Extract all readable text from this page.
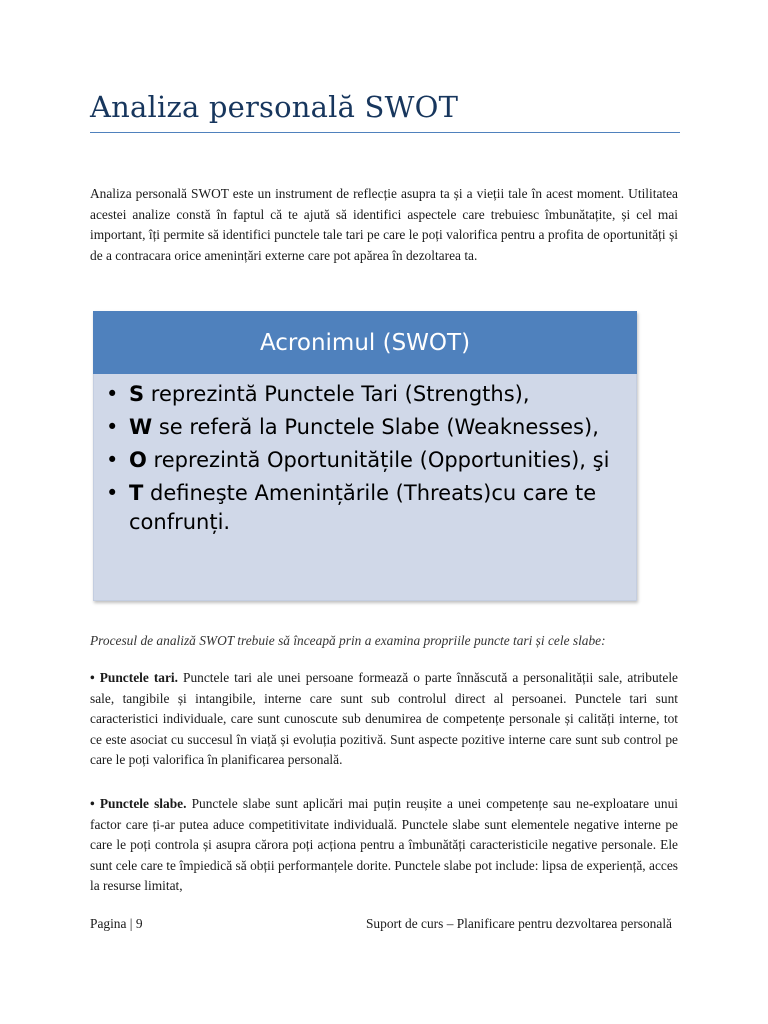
Analiza personală SWOT

Analiza personală SWOT este un instrument de reflecție asupra ta și a vieții tale în acest moment. Utilitatea acestei analize constă în faptul că te ajută să identifici aspectele care trebuiesc îmbunătațite, și cel mai important, îți permite să identifici punctele tale tari pe care le poți valorifica pentru a profita de oportunități și de a contracara orice amenințări externe care pot apărea în dezoltarea ta.

Acronimul (SWOT)
• S reprezintă Punctele Tari (Strengths),
• W se referă la Punctele Slabe (Weaknesses),
• O reprezintă Oportunitățile (Opportunities), şi
• T defineşte Amenințările (Threats)cu care te confrunți.

Procesul de analiză SWOT trebuie să înceapă prin a examina propriile puncte tari și cele slabe:

• Punctele tari. Punctele tari ale unei persoane formează o parte înnăscută a personalității sale, atributele sale, tangibile și intangibile, interne care sunt sub controlul direct al persoanei. Punctele tari sunt caracteristici individuale, care sunt cunoscute sub denumirea de competențe personale și calități interne, tot ce este asociat cu succesul în viață și evoluția pozitivă. Sunt aspecte pozitive interne care sunt sub control pe care le poți valorifica în planificarea personală.

• Punctele slabe. Punctele slabe sunt aplicări mai puțin reușite a unei competențe sau ne-exploatare unui factor care ți-ar putea aduce competitivitate individuală. Punctele slabe sunt elementele negative interne pe care le poți controla și asupra cărora poți acționa pentru a îmbunătăți caracteristicile negative personale. Ele sunt cele care te împiedică să obții performanțele dorite. Punctele slabe pot include: lipsa de experiență, acces la resurse limitat,

Pagina | 9	Suport de curs – Planificare pentru dezvoltarea personală
